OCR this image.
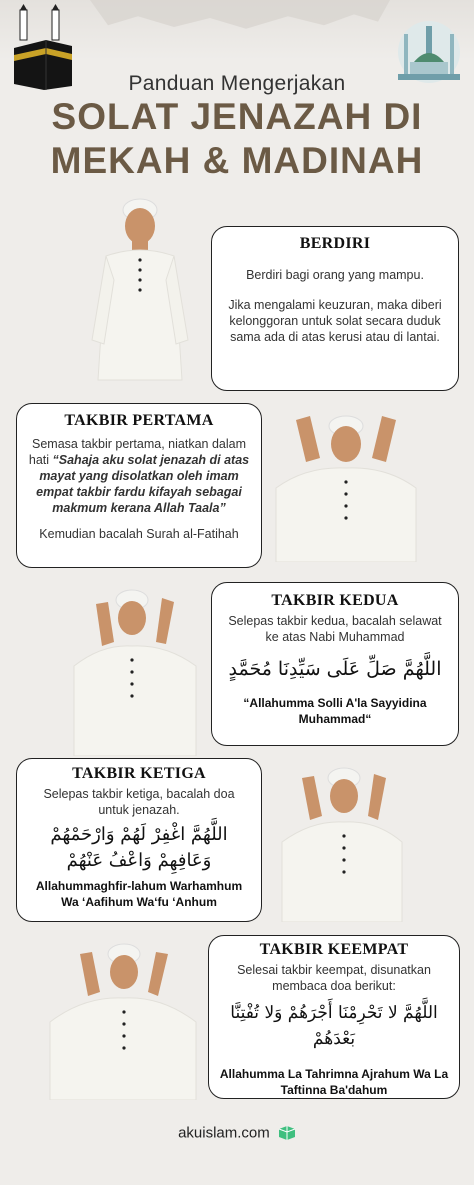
Panduan Mengerjakan
SOLAT JENAZAH DI
MEKAH & MADINAH
BERDIRI

Berdiri bagi orang yang mampu.

Jika mengalami keuzuran, maka diberi kelonggoran untuk solat secara duduk sama ada di atas kerusi atau di lantai.

TAKBIR PERTAMA

Semasa takbir pertama, niatkan dalam hati “Sahaja aku solat jenazah di atas mayat yang disolatkan oleh imam empat takbir fardu kifayah sebagai makmum kerana Allah Taala”

Kemudian bacalah Surah al-Fatihah

TAKBIR KEDUA

Selepas takbir kedua, bacalah selawat ke atas Nabi Muhammad

اللَّهُمَّ صَلِّ عَلَى سَيِّدِنَا مُحَمَّدٍ
“Allahumma Solli A'la Sayyidina Muhammad“
TAKBIR KETIGA

Selepas takbir ketiga, bacalah doa untuk jenazah.

اللَّهُمَّ اغْفِرْ لَهُمْ وَارْحَمْهُمْ وَعَافِهِمْ وَاعْفُ عَنْهُمْ
Allahummaghfir-lahum Warhamhum Wa ‘Aafihum Wa‘fu ‘Anhum
TAKBIR KEEMPAT

Selesai takbir keempat, disunatkan membaca doa berikut:

اللَّهُمَّ لا تَحْرِمْنَا أَجْرَهُمْ وَلا تُفْتِنَّا بَعْدَهُمْ
Allahumma La Tahrimna Ajrahum Wa La Taftinna Ba'dahum
akuislam.com
